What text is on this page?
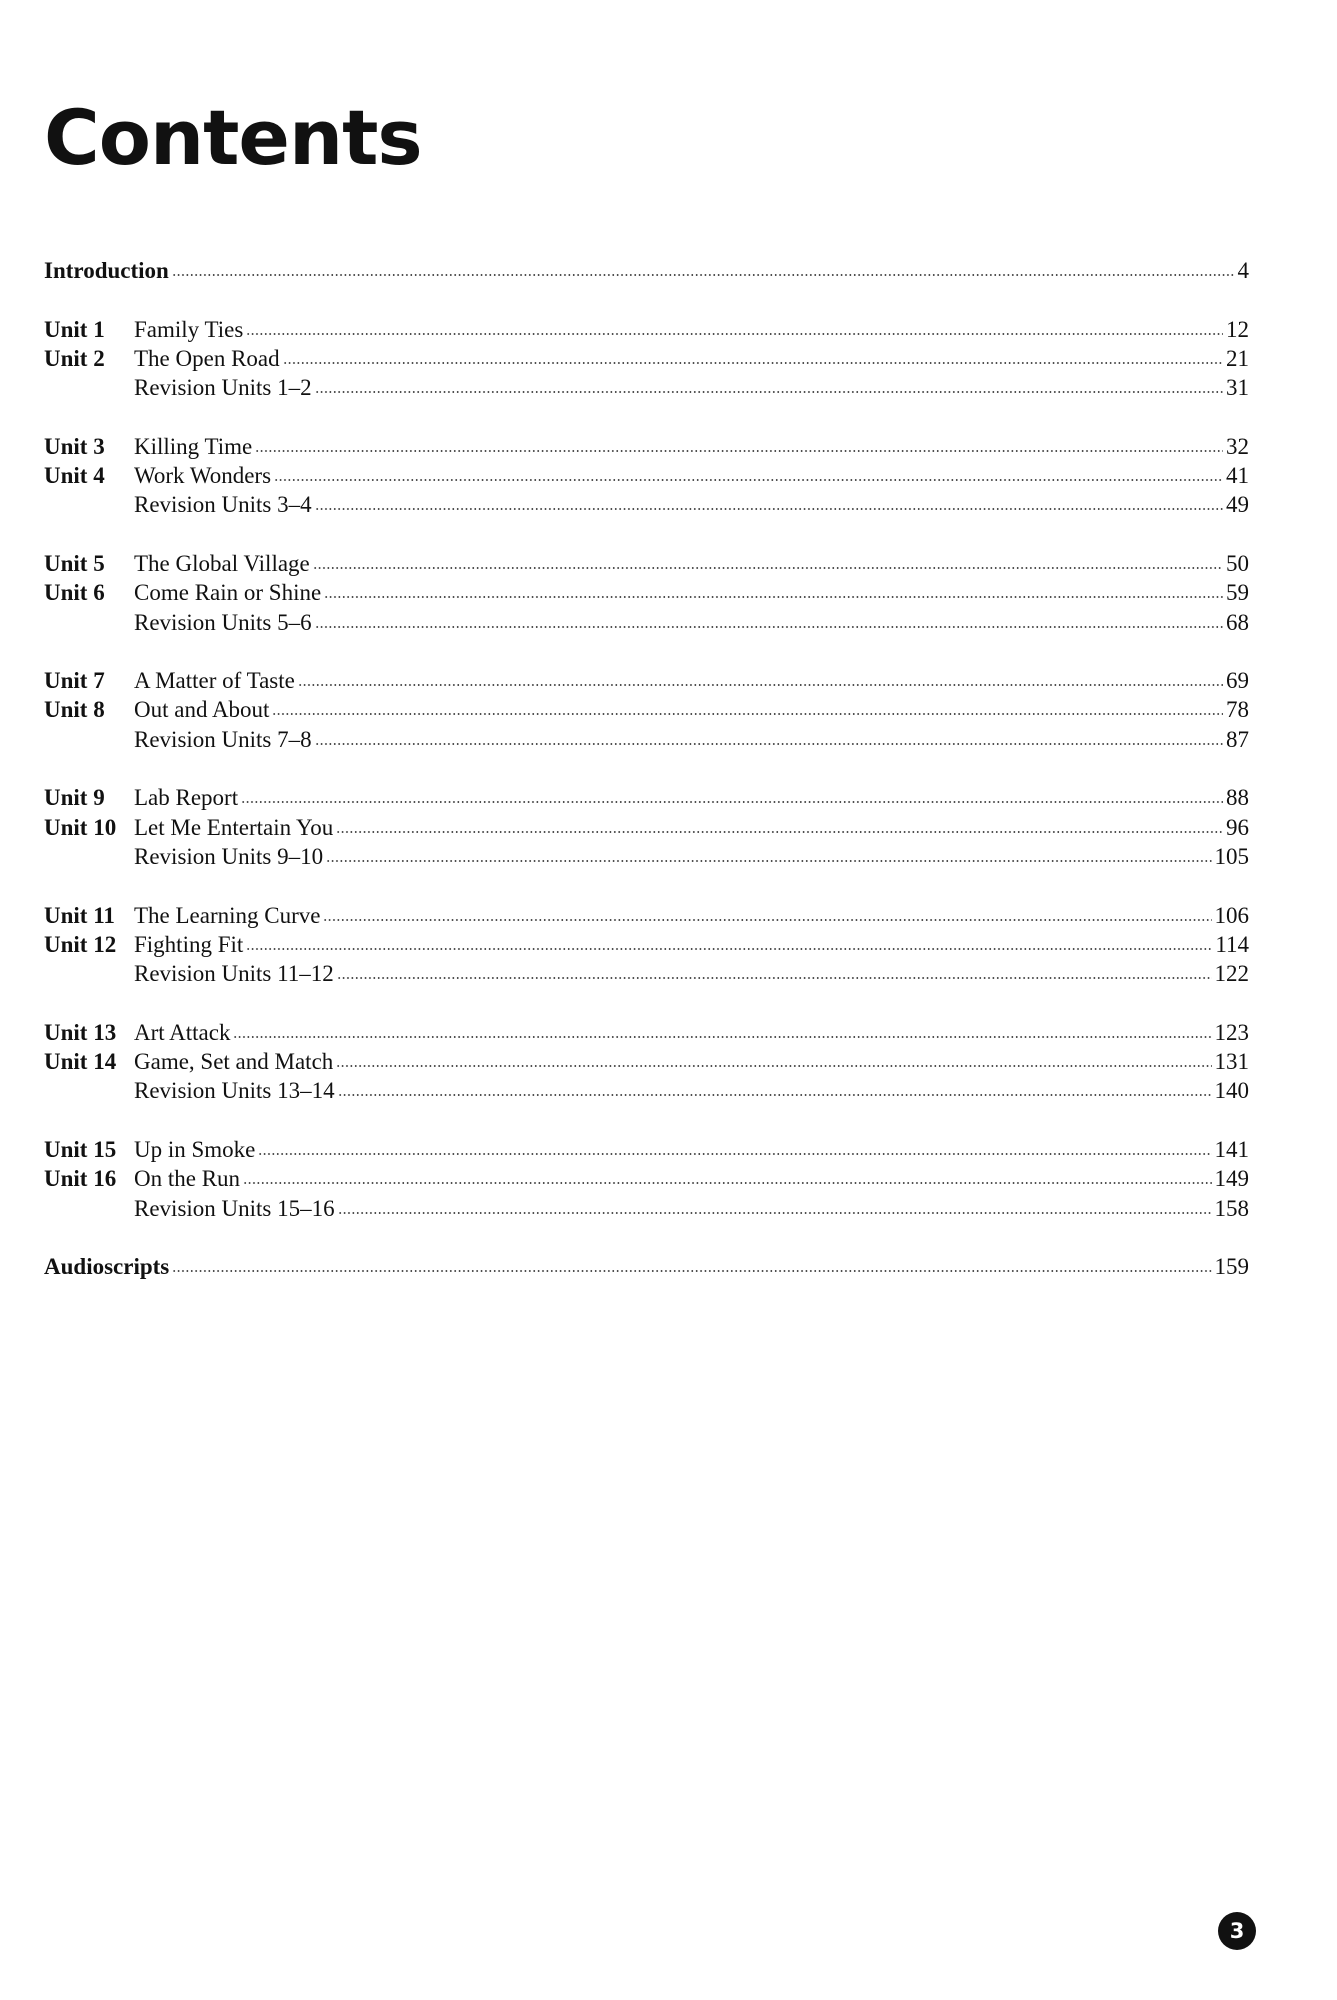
Contents
Introduction	4
Unit 1	Family Ties	12
Unit 2	The Open Road	21
Revision Units 1–2	31
Unit 3	Killing Time	32
Unit 4	Work Wonders	41
Revision Units 3–4	49
Unit 5	The Global Village	50
Unit 6	Come Rain or Shine	59
Revision Units 5–6	68
Unit 7	A Matter of Taste	69
Unit 8	Out and About	78
Revision Units 7–8	87
Unit 9	Lab Report	88
Unit 10 Let Me Entertain You	96
Revision Units 9–10	105
Unit 11 The Learning Curve	106
Unit 12 Fighting Fit	114
Revision Units 11–12	122
Unit 13 Art Attack	123
Unit 14 Game, Set and Match	131
Revision Units 13–14	140
Unit 15 Up in Smoke	141
Unit 16 On the Run	149
Revision Units 15–16	158
Audioscripts	159
3
